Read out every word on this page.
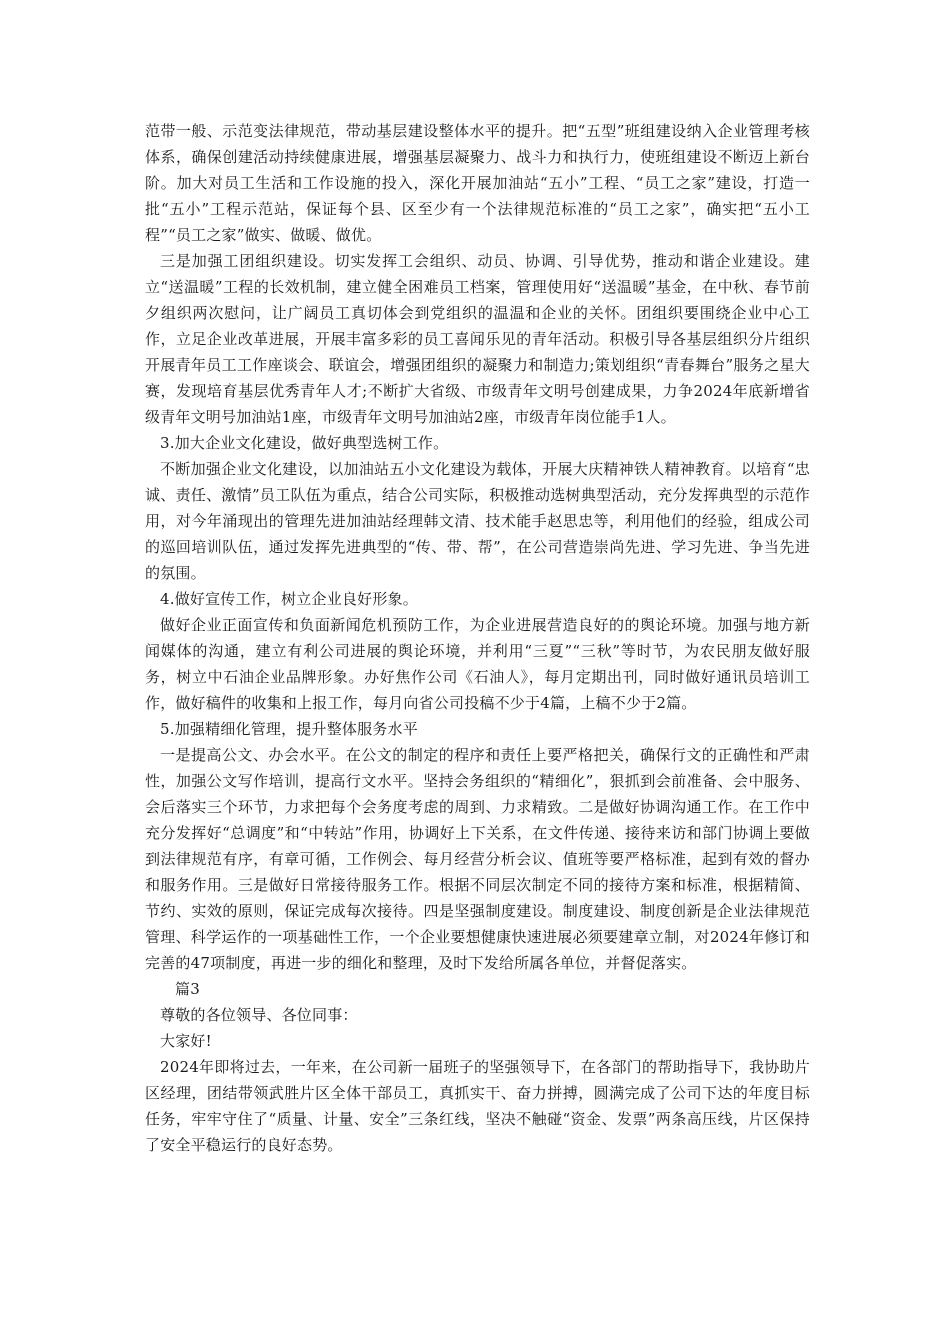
范带一般、示范变法律规范，带动基层建设整体水平的提升。把“五型”班组建设纳入企业管理考核体系，确保创建活动持续健康进展，增强基层凝聚力、战斗力和执行力，使班组建设不断迈上新台阶。加大对员工生活和工作设施的投入，深化开展加油站“五小”工程、“员工之家”建设，打造一批“五小”工程示范站，保证每个县、区至少有一个法律规范标准的“员工之家”，确实把“五小工程”“员工之家”做实、做暖、做优。

三是加强工团组织建设。切实发挥工会组织、动员、协调、引导优势，推动和谐企业建设。建立“送温暖”工程的长效机制，建立健全困难员工档案，管理使用好“送温暖”基金，在中秋、春节前夕组织两次慰问，让广阔员工真切体会到党组织的温温和企业的关怀。团组织要围绕企业中心工作，立足企业改革进展，开展丰富多彩的员工喜闻乐见的青年活动。积极引导各基层组织分片组织开展青年员工工作座谈会、联谊会，增强团组织的凝聚力和制造力;策划组织“青春舞台”服务之星大赛，发现培育基层优秀青年人才;不断扩大省级、市级青年文明号创建成果，力争2024年底新增省级青年文明号加油站1座，市级青年文明号加油站2座，市级青年岗位能手1人。

3.加大企业文化建设，做好典型选树工作。

不断加强企业文化建设，以加油站五小文化建设为载体，开展大庆精神铁人精神教育。以培育“忠诚、责任、激情”员工队伍为重点，结合公司实际，积极推动选树典型活动，充分发挥典型的示范作用，对今年涌现出的管理先进加油站经理韩文清、技术能手赵思忠等，利用他们的经验，组成公司的巡回培训队伍，通过发挥先进典型的“传、带、帮”，在公司营造崇尚先进、学习先进、争当先进的氛围。

4.做好宣传工作，树立企业良好形象。

做好企业正面宣传和负面新闻危机预防工作，为企业进展营造良好的的舆论环境。加强与地方新闻媒体的沟通，建立有利公司进展的舆论环境，并利用“三夏”“三秋”等时节，为农民朋友做好服务，树立中石油企业品牌形象。办好焦作公司《石油人》，每月定期出刊，同时做好通讯员培训工作，做好稿件的收集和上报工作，每月向省公司投稿不少于4篇，上稿不少于2篇。

5.加强精细化管理，提升整体服务水平

一是提高公文、办会水平。在公文的制定的程序和责任上要严格把关，确保行文的正确性和严肃性，加强公文写作培训，提高行文水平。坚持会务组织的“精细化”，狠抓到会前准备、会中服务、会后落实三个环节，力求把每个会务度考虑的周到、力求精致。二是做好协调沟通工作。在工作中充分发挥好“总调度”和“中转站”作用，协调好上下关系，在文件传递、接待来访和部门协调上要做到法律规范有序，有章可循，工作例会、每月经营分析会议、值班等要严格标准，起到有效的督办和服务作用。三是做好日常接待服务工作。根据不同层次制定不同的接待方案和标准，根据精简、节约、实效的原则，保证完成每次接待。四是坚强制度建设。制度建设、制度创新是企业法律规范管理、科学运作的一项基础性工作，一个企业要想健康快速进展必须要建章立制，对2024年修订和完善的47项制度，再进一步的细化和整理，及时下发给所属各单位，并督促落实。

篇3

尊敬的各位领导、各位同事：

大家好!

2024年即将过去，一年来，在公司新一届班子的坚强领导下，在各部门的帮助指导下，我协助片区经理，团结带领武胜片区全体干部员工，真抓实干、奋力拼搏，圆满完成了公司下达的年度目标任务，牢牢守住了“质量、计量、安全”三条红线，坚决不触碰“资金、发票”两条高压线，片区保持了安全平稳运行的良好态势。
